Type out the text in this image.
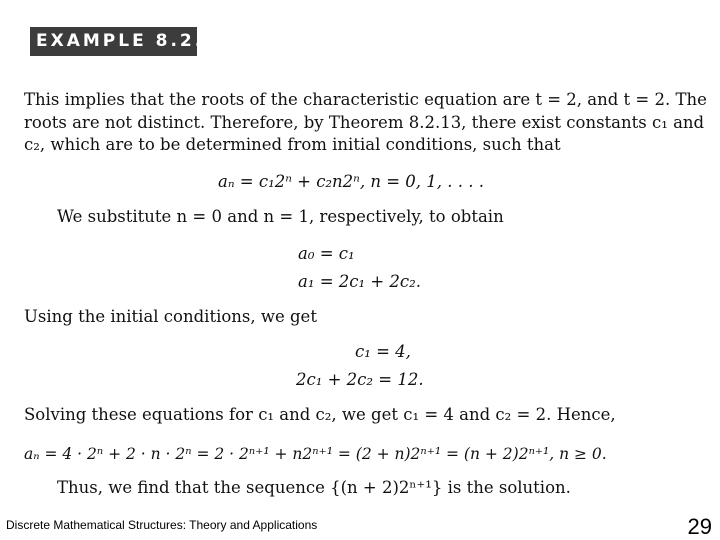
EXAMPLE 8.2.15
This implies that the roots of the characteristic equation are t = 2, and t = 2. The
roots are not distinct. Therefore, by Theorem 8.2.13, there exist constants c₁ and
c₂, which are to be determined from initial conditions, such that
aₙ = c₁2ⁿ + c₂n2ⁿ, n = 0, 1, . . . .
We substitute n = 0 and n = 1, respectively, to obtain
a₀ = c₁
a₁ = 2c₁ + 2c₂.
Using the initial conditions, we get
c₁ = 4,
2c₁ + 2c₂ = 12.
Solving these equations for c₁ and c₂, we get c₁ = 4 and c₂ = 2. Hence,
aₙ = 4 · 2ⁿ + 2 · n · 2ⁿ = 2 · 2ⁿ⁺¹ + n2ⁿ⁺¹ = (2 + n)2ⁿ⁺¹ = (n + 2)2ⁿ⁺¹, n ≥ 0.
Thus, we find that the sequence {(n + 2)2ⁿ⁺¹} is the solution.
Discrete Mathematical Structures: Theory and Applications	29
